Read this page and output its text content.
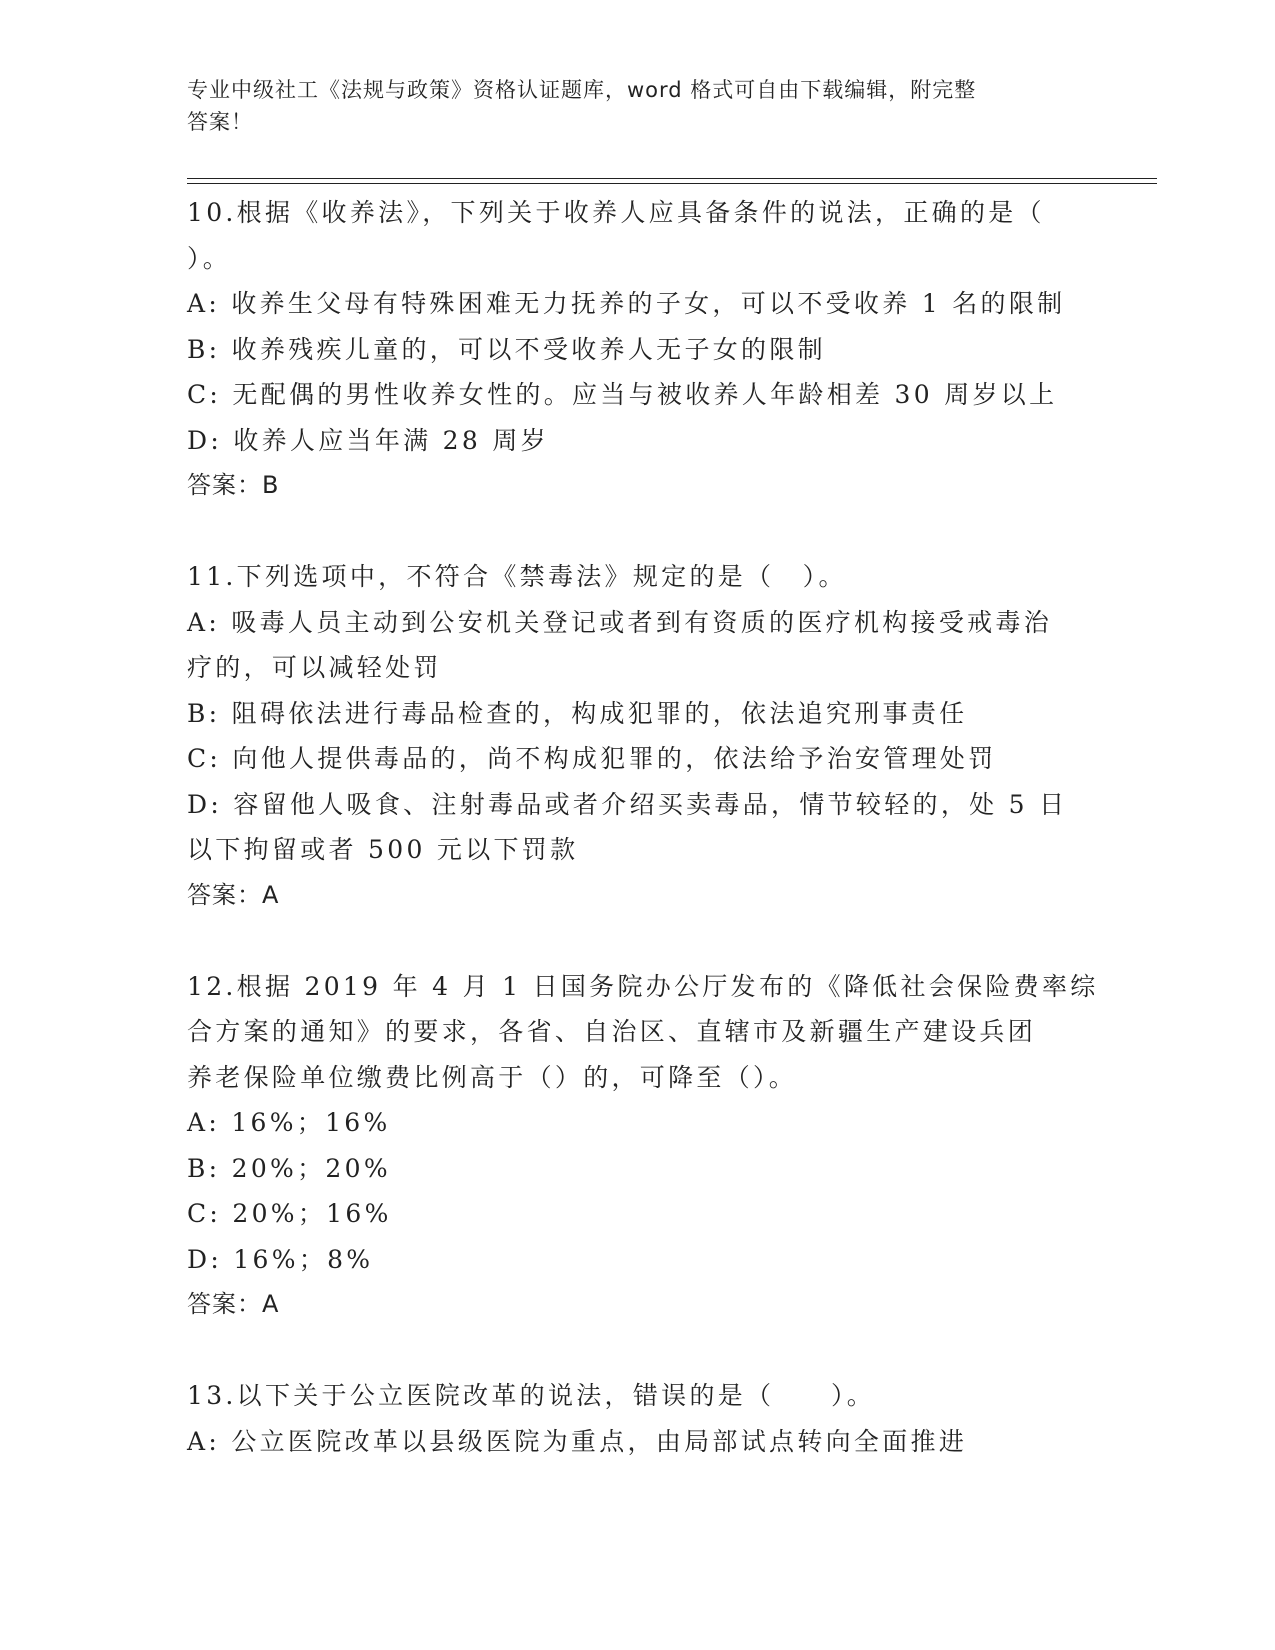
专业中级社工《法规与政策》资格认证题库，word 格式可自由下载编辑，附完整
答案！
10.根据《收养法》，下列关于收养人应具备条件的说法，正确的是（
）。
A: 收养生父母有特殊困难无力抚养的子女，可以不受收养 1 名的限制
B: 收养残疾儿童的，可以不受收养人无子女的限制
C: 无配偶的男性收养女性的。应当与被收养人年龄相差 30 周岁以上
D: 收养人应当年满 28 周岁
答案：B
11.下列选项中，不符合《禁毒法》规定的是（　）。
A: 吸毒人员主动到公安机关登记或者到有资质的医疗机构接受戒毒治
疗的，可以减轻处罚
B: 阻碍依法进行毒品检查的，构成犯罪的，依法追究刑事责任
C: 向他人提供毒品的，尚不构成犯罪的，依法给予治安管理处罚
D: 容留他人吸食、注射毒品或者介绍买卖毒品，情节较轻的，处 5 日
以下拘留或者 500 元以下罚款
答案：A
12.根据 2019 年 4 月 1 日国务院办公厅发布的《降低社会保险费率综
合方案的通知》的要求，各省、自治区、直辖市及新疆生产建设兵团
养老保险单位缴费比例高于（）的，可降至（）。
A: 16%；16%
B: 20%；20%
C: 20%；16%
D: 16%；8%
答案：A
13.以下关于公立医院改革的说法，错误的是（　　）。
A: 公立医院改革以县级医院为重点，由局部试点转向全面推进
